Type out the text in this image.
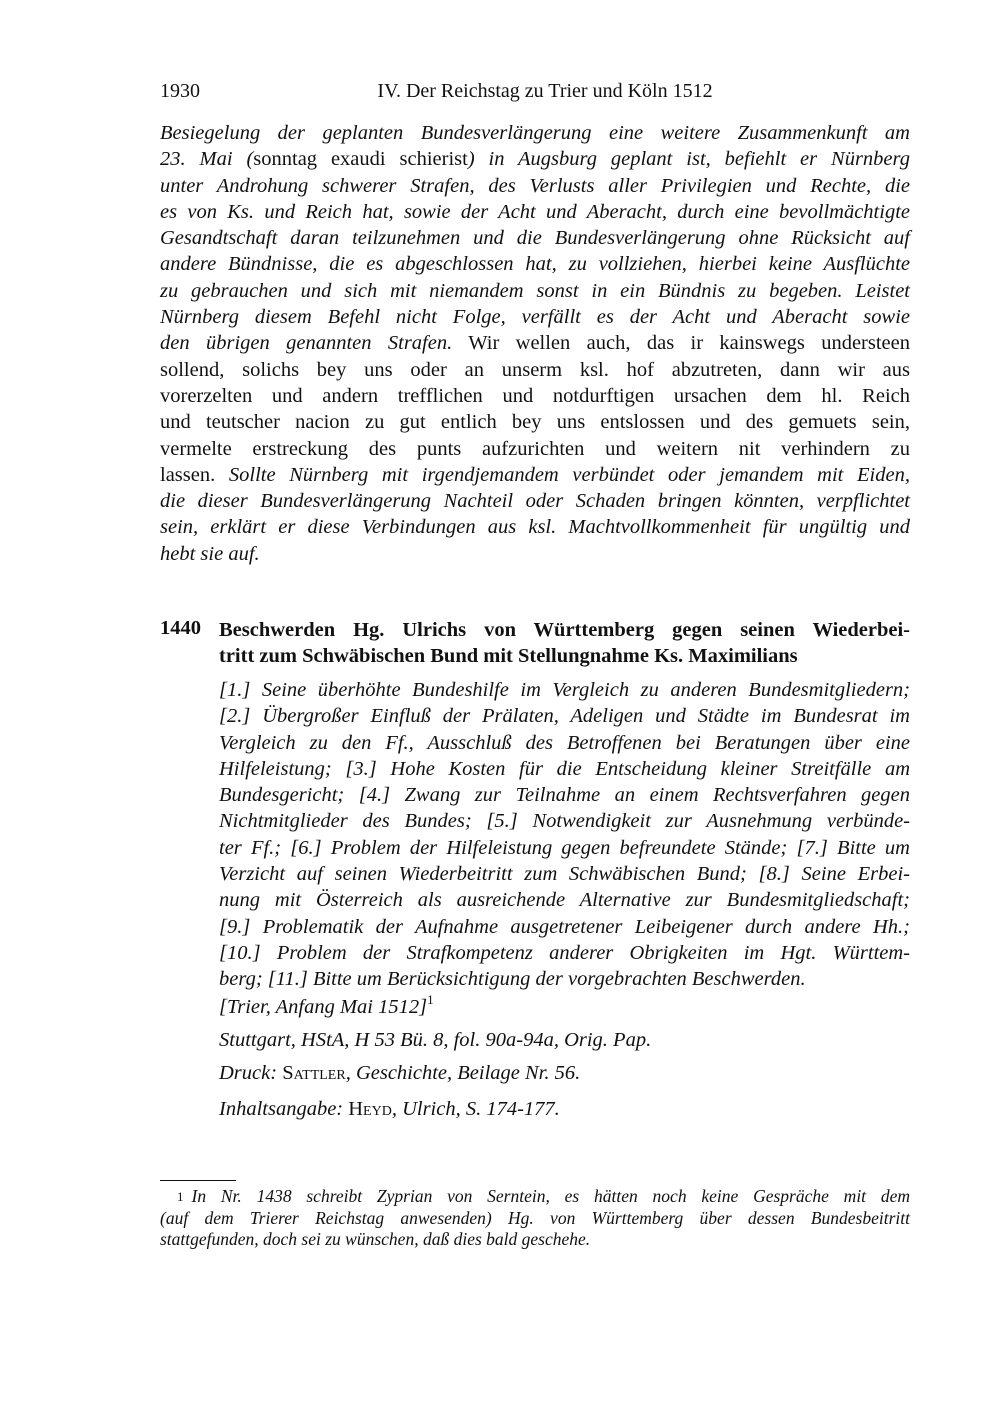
1930	IV. Der Reichstag zu Trier und Köln 1512
Besiegelung der geplanten Bundesverlängerung eine weitere Zusammenkunft am
23. Mai (sonntag exaudi schierist) in Augsburg geplant ist, befiehlt er Nürnberg
unter Androhung schwerer Strafen, des Verlusts aller Privilegien und Rechte, die
es von Ks. und Reich hat, sowie der Acht und Aberacht, durch eine bevollmächtigte
Gesandtschaft daran teilzunehmen und die Bundesverlängerung ohne Rücksicht auf
andere Bündnisse, die es abgeschlossen hat, zu vollziehen, hierbei keine Ausflüchte
zu gebrauchen und sich mit niemandem sonst in ein Bündnis zu begeben. Leistet
Nürnberg diesem Befehl nicht Folge, verfällt es der Acht und Aberacht sowie
den übrigen genannten Strafen. Wir wellen auch, das ir kainswegs understeen
sollend, solichs bey uns oder an unserm ksl. hof abzutreten, dann wir aus
vorerzelten und andern trefflichen und notdurftigen ursachen dem hl. Reich
und teutscher nacion zu gut entlich bey uns entslossen und des gemuets sein,
vermelte erstreckung des punts aufzurichten und weitern nit verhindern zu
lassen. Sollte Nürnberg mit irgendjemandem verbündet oder jemandem mit Eiden,
die dieser Bundesverlängerung Nachteil oder Schaden bringen könnten, verpflichtet
sein, erklärt er diese Verbindungen aus ksl. Machtvollkommenheit für ungültig und
hebt sie auf.
1440 Beschwerden Hg. Ulrichs von Württemberg gegen seinen Wiederbei-
tritt zum Schwäbischen Bund mit Stellungnahme Ks. Maximilians
[1.] Seine überhöhte Bundeshilfe im Vergleich zu anderen Bundesmitgliedern;
[2.] Übergroßer Einfluß der Prälaten, Adeligen und Städte im Bundesrat im
Vergleich zu den Ff., Ausschluß des Betroffenen bei Beratungen über eine
Hilfeleistung; [3.] Hohe Kosten für die Entscheidung kleiner Streitfälle am
Bundesgericht; [4.] Zwang zur Teilnahme an einem Rechtsverfahren gegen
Nichtmitglieder des Bundes; [5.] Notwendigkeit zur Ausnehmung verbünde-
ter Ff.; [6.] Problem der Hilfeleistung gegen befreundete Stände; [7.] Bitte um
Verzicht auf seinen Wiederbeitritt zum Schwäbischen Bund; [8.] Seine Erbei-
nung mit Österreich als ausreichende Alternative zur Bundesmitgliedschaft;
[9.] Problematik der Aufnahme ausgetretener Leibeigener durch andere Hh.;
[10.] Problem der Strafkompetenz anderer Obrigkeiten im Hgt. Württem-
berg; [11.] Bitte um Berücksichtigung der vorgebrachten Beschwerden.
[Trier, Anfang Mai 1512]$^1$
Stuttgart, HStA, H 53 Bü. 8, fol. 90a-94a, Orig. Pap.
Druck: Sattler, Geschichte, Beilage Nr. 56.
Inhaltsangabe: Heyd, Ulrich, S. 174-177.
$^1$ In Nr. 1438 schreibt Zyprian von Serntein, es hätten noch keine Gespräche mit dem
(auf dem Trierer Reichstag anwesenden) Hg. von Württemberg über dessen Bundesbeitritt
stattgefunden, doch sei zu wünschen, daß dies bald geschehe.
